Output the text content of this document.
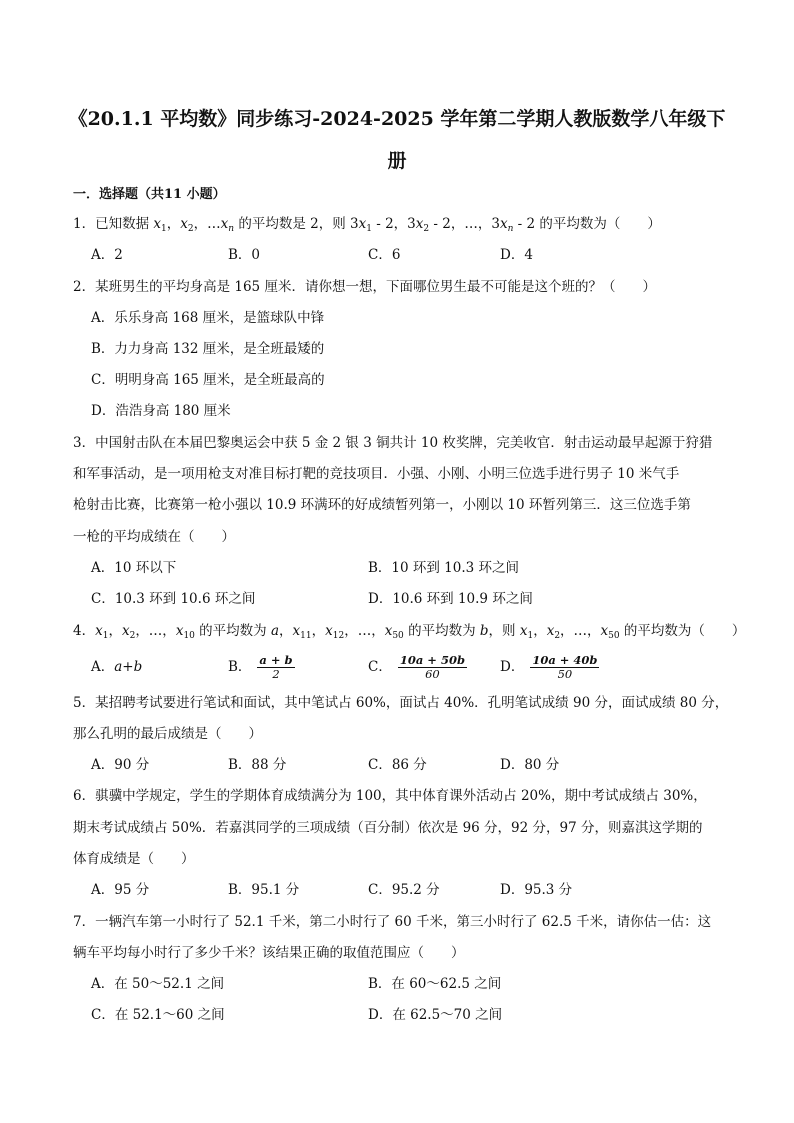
《20.1.1 平均数》同步练习-2024-2025 学年第二学期人教版数学八年级下
册
一．选择题（共11 小题）
1．已知数据 $x_1$，$x_2$，$\dots x_n$ 的平均数是 2，则 $3x_1 - 2$，$3x_2 - 2$，…，$3x_n - 2$ 的平均数为（　　）
A．2	B．0	C．6	D．4
2．某班男生的平均身高是 165 厘米．请你想一想，下面哪位男生最不可能是这个班的？（　　）
A．乐乐身高 168 厘米，是篮球队中锋
B．力力身高 132 厘米，是全班最矮的
C．明明身高 165 厘米，是全班最高的
D．浩浩身高 180 厘米
3．中国射击队在本届巴黎奥运会中获 5 金 2 银 3 铜共计 10 枚奖牌，完美收官．射击运动最早起源于狩猎
和军事活动，是一项用枪支对准目标打靶的竞技项目．小强、小刚、小明三位选手进行男子 10 米气手
枪射击比赛，比赛第一枪小强以 10.9 环满环的好成绩暂列第一，小刚以 10 环暂列第三．这三位选手第
一枪的平均成绩在（　　）
A．10 环以下	B．10 环到 10.3 环之间
C．10.3 环到 10.6 环之间	D．10.6 环到 10.9 环之间
4．$x_1$，$x_2$，…，$x_{10}$ 的平均数为 a，$x_{11}$，$x_{12}$，…，$x_{50}$ 的平均数为 b，则 $x_1$，$x_2$，…，$x_{50}$ 的平均数为（　　）
A．a+b	B． $\frac{a + b}{2}$	C． $\frac{10a + 50b}{60}$ D． $\frac{10a + 40b}{50}$
5．某招聘考试要进行笔试和面试，其中笔试占 60%，面试占 40%．孔明笔试成绩 90 分，面试成绩 80 分，
那么孔明的最后成绩是（　　）
A．90 分	B．88 分	C．86 分	D．80 分
6．骐骥中学规定，学生的学期体育成绩满分为 100，其中体育课外活动占 20%，期中考试成绩占 30%，
期末考试成绩占 50%．若嘉淇同学的三项成绩（百分制）依次是 96 分，92 分，97 分，则嘉淇这学期的
体育成绩是（　　）
A．95 分	B．95.1 分	C．95.2 分	D．95.3 分
7．一辆汽车第一小时行了 52.1 千米，第二小时行了 60 千米，第三小时行了 62.5 千米，请你估一估：这
辆车平均每小时行了多少千米？该结果正确的取值范围应（　　）
A．在 50～52.1 之间	B．在 60～62.5 之间
C．在 52.1～60 之间	D．在 62.5～70 之间
